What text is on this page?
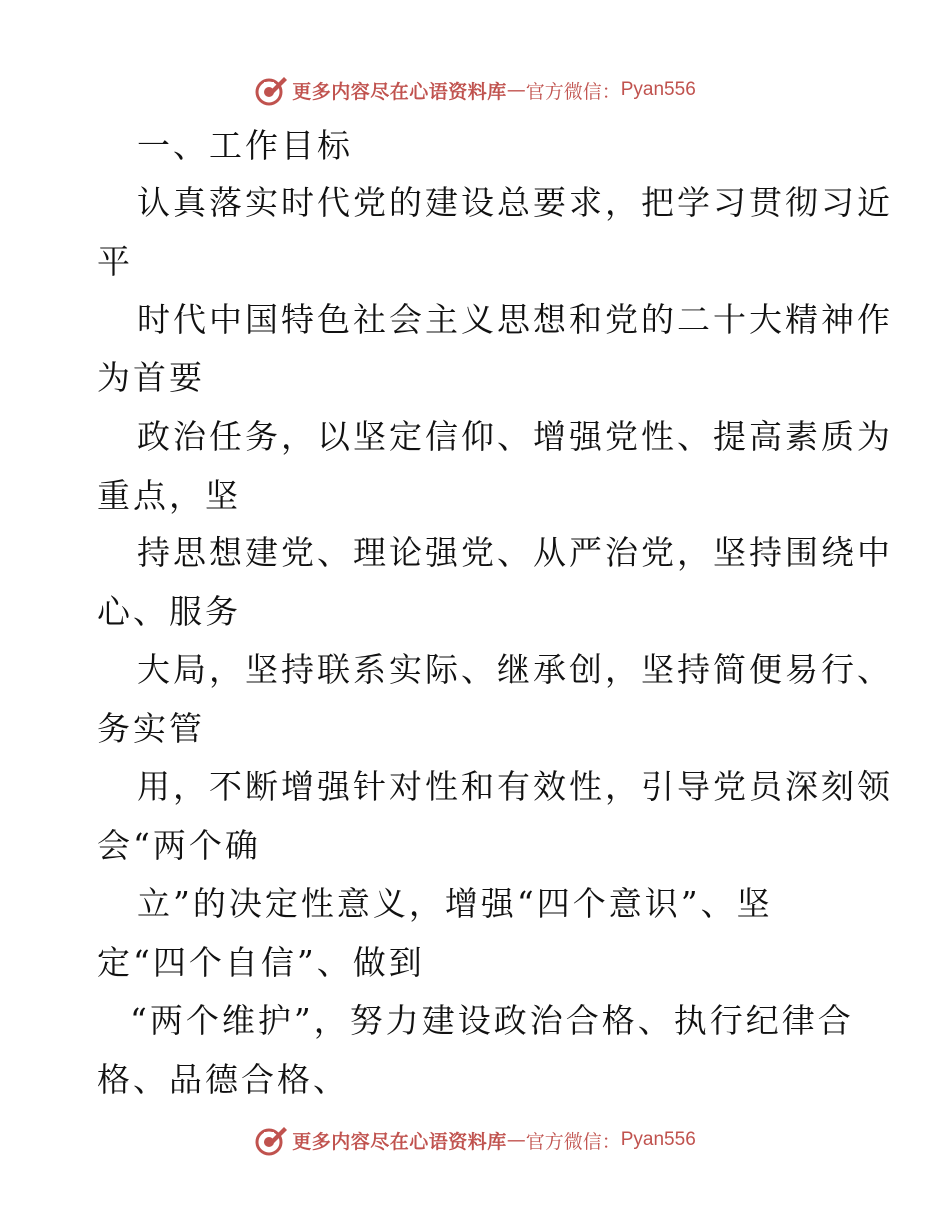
更多内容尽在心语资料库 — 官方微信： Pyan556
一、工作目标
认真落实时代党的建设总要求，把学习贯彻习近
平
时代中国特色社会主义思想和党的二十大精神作
为首要
政治任务，以坚定信仰、增强党性、提高素质为
重点，坚
持思想建党、理论强党、从严治党，坚持围绕中
心、服务
大局，坚持联系实际、继承创，坚持简便易行、
务实管
用，不断增强针对性和有效性，引导党员深刻领
会“两个确
立”的决定性意义，增强“四个意识”、坚
定“四个自信”、做到
“两个维护”，努力建设政治合格、执行纪律合
格、品德合格、
更多内容尽在心语资料库 — 官方微信： Pyan556
